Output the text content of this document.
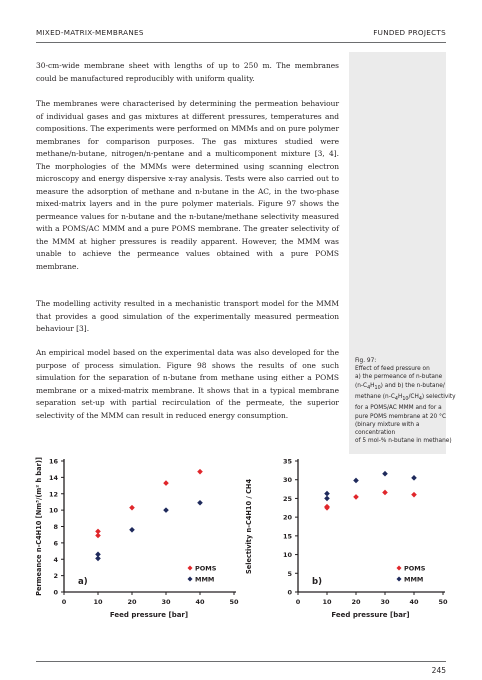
MIXED-MATRIX-MEMBRANES	FUNDED PROJECTS

30-cm-wide membrane sheet with lengths of up to 250 m. The membranes could be manufactured reproducibly with uniform quality.

The membranes were characterised by determining the permeation behaviour of individual gases and gas mixtures at different pressures, temperatures and compositions. The experiments were performed on MMMs and on pure polymer membranes for comparison purposes. The gas mixtures studied were methane/n-butane, nitrogen/n-pentane and a multicomponent mixture [3, 4]. The morphologies of the MMMs were determined using scanning electron microscopy and energy dispersive x-ray analysis. Tests were also carried out to measure the adsorption of methane and n-butane in the AC, in the two-phase mixed-matrix layers and in the pure polymer materials. Figure 97 shows the permeance values for n-butane and the n-butane/methane selectivity measured with a POMS/AC MMM and a pure POMS membrane. The greater selectivity of the MMM at higher pressures is readily apparent. However, the MMM was unable to achieve the permeance values obtained with a pure POMS membrane.

The modelling activity resulted in a mechanistic transport model for the MMM that provides a good simulation of the experimentally measured permeation behaviour [3].

An empirical model based on the experimental data was also developed for the purpose of process simulation. Figure 98 shows the results of one such simulation for the separation of n-butane from methane using either a POMS membrane or a mixed-matrix membrane. It shows that in a typical membrane separation set-up with partial recirculation of the permeate, the superior selectivity of the MMM can result in reduced energy consumption.

Fig. 97:

Effect of feed pressure on

a) the permeance of n-butane

$(n-C_4H_{10})$ and b) the n-butane/

methane $(n-C_4H_{10}/CH_4)$ selectivity

for a POMS/AC MMM and for a

pure POMS membrane at 20 °C

(binary mixture with a concentration

of 5 mol-% n-butane in methane)

0
2
4
6
8
10
12
14
16
0	10	20	30	40	50
Feed pressure [bar]
Permeance n-C4H10 [Nm³/(m² h bar)]	a)
POMS
MMM
0
5
10
15
20
25
30
35
0	10	20	30	40	50
Feed pressure [bar]
Selectivity n-C4H10 / CH4
b)
POMS
MMM
245
